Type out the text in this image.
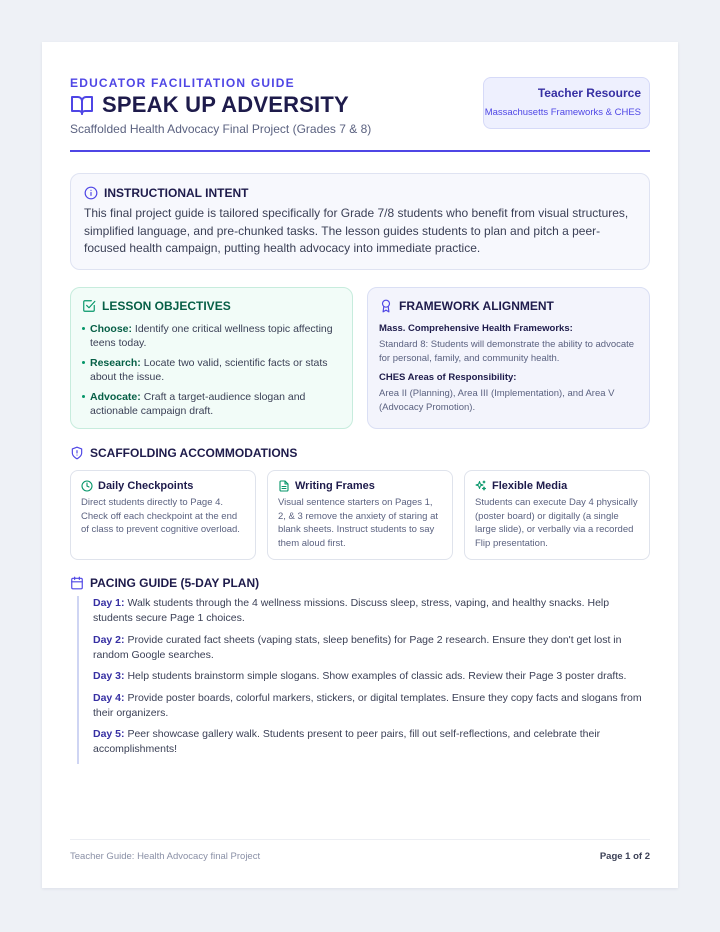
EDUCATOR FACILITATION GUIDE
SPEAK UP ADVERSITY
Scaffolded Health Advocacy Final Project (Grades 7 & 8)
Teacher Resource
Massachusetts Frameworks & CHES
INSTRUCTIONAL INTENT
This final project guide is tailored specifically for Grade 7/8 students who benefit from visual structures, simplified language, and pre-chunked tasks. The lesson guides students to plan and pitch a peer-focused health campaign, putting health advocacy into immediate practice.
LESSON OBJECTIVES
Choose: Identify one critical wellness topic affecting teens today.
Research: Locate two valid, scientific facts or stats about the issue.
Advocate: Craft a target-audience slogan and actionable campaign draft.
FRAMEWORK ALIGNMENT
Mass. Comprehensive Health Frameworks:
Standard 8: Students will demonstrate the ability to advocate for personal, family, and community health.
CHES Areas of Responsibility:
Area II (Planning), Area III (Implementation), and Area V (Advocacy Promotion).
SCAFFOLDING ACCOMMODATIONS
Daily Checkpoints
Direct students directly to Page 4. Check off each checkpoint at the end of class to prevent cognitive overload.
Writing Frames
Visual sentence starters on Pages 1, 2, & 3 remove the anxiety of staring at blank sheets. Instruct students to say them aloud first.
Flexible Media
Students can execute Day 4 physically (poster board) or digitally (a single large slide), or verbally via a recorded Flip presentation.
PACING GUIDE (5-DAY PLAN)
Day 1: Walk students through the 4 wellness missions. Discuss sleep, stress, vaping, and healthy snacks. Help students secure Page 1 choices.
Day 2: Provide curated fact sheets (vaping stats, sleep benefits) for Page 2 research. Ensure they don't get lost in random Google searches.
Day 3: Help students brainstorm simple slogans. Show examples of classic ads. Review their Page 3 poster drafts.
Day 4: Provide poster boards, colorful markers, stickers, or digital templates. Ensure they copy facts and slogans from their organizers.
Day 5: Peer showcase gallery walk. Students present to peer pairs, fill out self-reflections, and celebrate their accomplishments!
Teacher Guide: Health Advocacy final Project	Page 1 of 2
